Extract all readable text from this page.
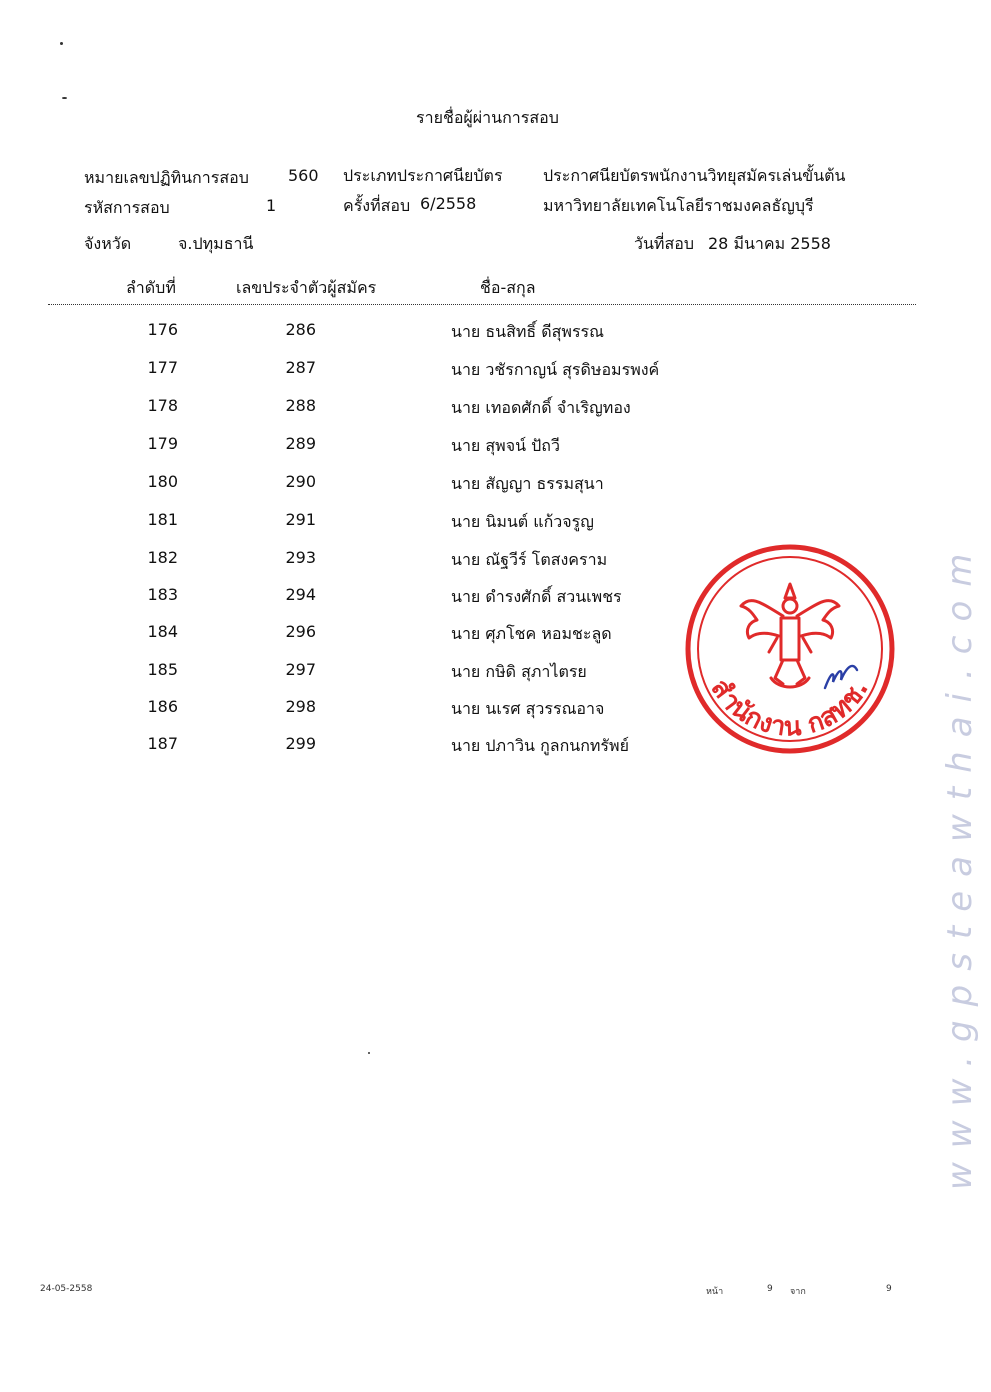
รายชื่อผู้ผ่านการสอบ
หมายเลขปฏิทินการสอบ 560 ประเภทประกาศนียบัตร	ประกาศนียบัตรพนักงานวิทยุสมัครเล่นขั้นต้น
รหัสการสอบ	1	ครั้งที่สอบ 6/2558	มหาวิทยาลัยเทคโนโลยีราชมงคลธัญบุรี
จังหวัด	จ.ปทุมธานี	วันที่สอบ 28 มีนาคม 2558
ลำดับที่	เลขประจำตัวผู้สมัคร	ชื่อ-สกุล
176	286	นาย ธนสิทธิ์ ดีสุพรรณ
177	287	นาย วชัรกาญน์ สุรดิษอมรพงค์
178	288	นาย เทอดศักดิ์ จำเริญทอง
179	289	นาย สุพจน์ ปัถวี
180	290	นาย สัญญา ธรรมสุนา
181	291	นาย นิมนต์ แก้วจรูญ
182	293	นาย ณัฐวีร์ โตสงคราม
183	294	นาย ดำรงศักดิ์ สวนเพชร
184	296	นาย ศุภโชค หอมชะลูด
185	297	นาย กษิดิ สุภาไตรย
186	298	นาย นเรศ สุวรรณอาจ
187	299	นาย ปภาวิน กูลกนกทรัพย์
สำนักงาน กสทช. www.gpsteawthai.com
24-05-2558	หน้า	9 จาก	9
